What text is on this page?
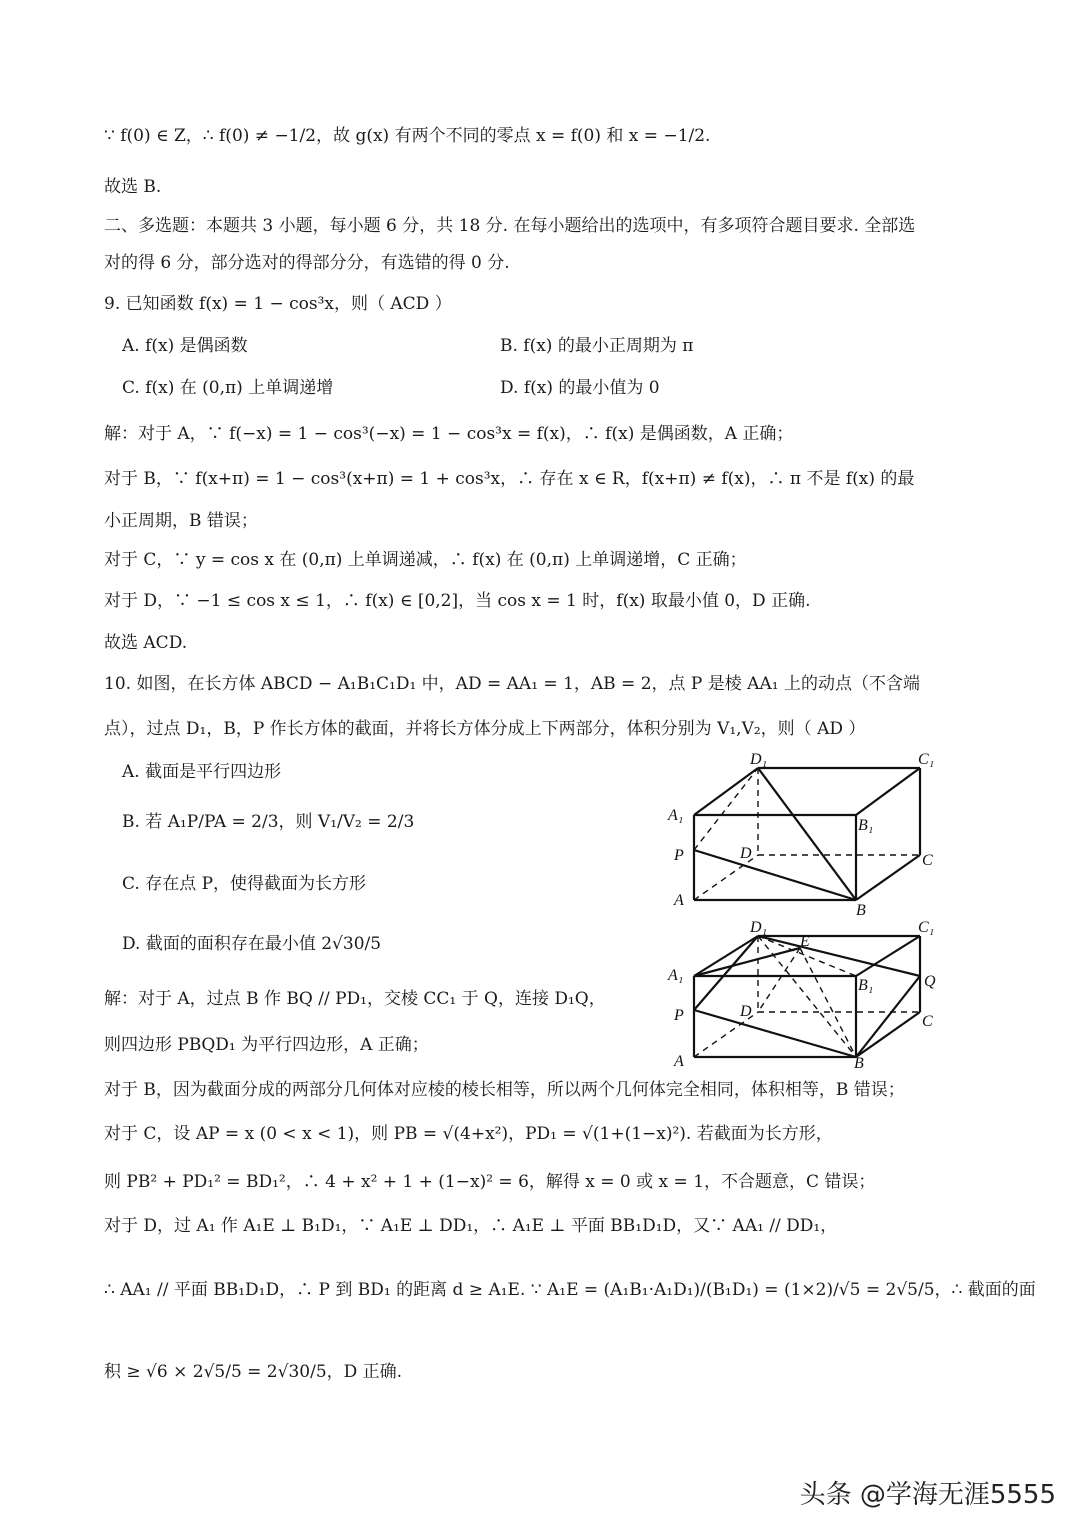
∵ f(0) ∈ Z，∴ f(0) ≠ −1/2，故 g(x) 有两个不同的零点 x = f(0) 和 x = −1/2.
故选 B.
二、多选题：本题共 3 小题，每小题 6 分，共 18 分. 在每小题给出的选项中，有多项符合题目要求. 全部选
对的得 6 分，部分选对的得部分分，有选错的得 0 分.
9. 已知函数 f(x) = 1 − cos³x，则（ ACD ）
A. f(x) 是偶函数	B. f(x) 的最小正周期为 π
C. f(x) 在 (0,π) 上单调递增	D. f(x) 的最小值为 0
解：对于 A，∵ f(−x) = 1 − cos³(−x) = 1 − cos³x = f(x)，∴ f(x) 是偶函数，A 正确；
对于 B，∵ f(x+π) = 1 − cos³(x+π) = 1 + cos³x，∴ 存在 x ∈ R，f(x+π) ≠ f(x)，∴ π 不是 f(x) 的最
小正周期，B 错误；
对于 C，∵ y = cos x 在 (0,π) 上单调递减，∴ f(x) 在 (0,π) 上单调递增，C 正确；
对于 D，∵ −1 ≤ cos x ≤ 1，∴ f(x) ∈ [0,2]，当 cos x = 1 时，f(x) 取最小值 0，D 正确.
故选 ACD.
10. 如图，在长方体 ABCD − A₁B₁C₁D₁ 中，AD = AA₁ = 1，AB = 2，点 P 是棱 AA₁ 上的动点（不含端
点），过点 D₁，B，P 作长方体的截面，并将长方体分成上下两部分，体积分别为 V₁,V₂，则（ AD ）
A. 截面是平行四边形
B. 若 A₁P/PA = 2/3，则 V₁/V₂ = 2/3
C. 存在点 P，使得截面为长方形
D. 截面的面积存在最小值 2√30/5
解：对于 A，过点 B 作 BQ // PD₁，交棱 CC₁ 于 Q，连接 D₁Q，
则四边形 PBQD₁ 为平行四边形，A 正确；
对于 B，因为截面分成的两部分几何体对应棱的棱长相等，所以两个几何体完全相同，体积相等，B 错误；
对于 C，设 AP = x (0 < x < 1)，则 PB = √(4+x²)，PD₁ = √(1+(1−x)²). 若截面为长方形，
则 PB² + PD₁² = BD₁²，∴ 4 + x² + 1 + (1−x)² = 6，解得 x = 0 或 x = 1，不合题意，C 错误；
对于 D，过 A₁ 作 A₁E ⊥ B₁D₁，∵ A₁E ⊥ DD₁，∴ A₁E ⊥ 平面 BB₁D₁D，又∵ AA₁ // DD₁，
∴ AA₁ // 平面 BB₁D₁D，∴ P 到 BD₁ 的距离 d ≥ A₁E. ∵ A₁E = (A₁B₁·A₁D₁)/(B₁D₁) = (1×2)/√5 = 2√5/5，∴ 截面的面
积 ≥ √6 × 2√5/5 = 2√30/5，D 正确.
D₁	C₁
A₁
B₁
P	D	C
A
B
D₁	C₁
E
A₁
B₁	Q
P	D
C
A	B
头条 @学海无涯5555
